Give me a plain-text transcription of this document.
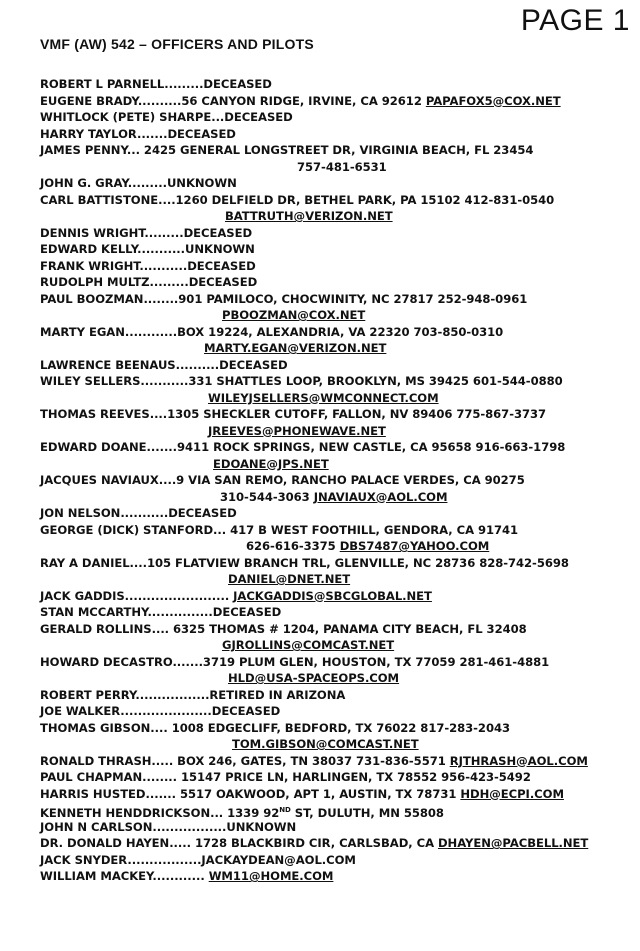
PAGE 1
VMF (AW) 542 – OFFICERS AND PILOTS
ROBERT L PARNELL.........DECEASED
EUGENE BRADY..........56 CANYON RIDGE, IRVINE, CA 92612 PAPAFOX5@COX.NET
WHITLOCK (PETE) SHARPE...DECEASED
HARRY TAYLOR.......DECEASED
JAMES PENNY... 2425 GENERAL LONGSTREET DR, VIRGINIA BEACH, FL 23454
757-481-6531
JOHN G. GRAY.........UNKNOWN
CARL BATTISTONE....1260 DELFIELD DR, BETHEL PARK, PA 15102 412-831-0540
BATTRUTH@VERIZON.NET
DENNIS WRIGHT.........DECEASED
EDWARD KELLY...........UNKNOWN
FRANK WRIGHT...........DECEASED
RUDOLPH MULTZ.........DECEASED
PAUL BOOZMAN........901 PAMILOCO, CHOCWINITY, NC 27817 252-948-0961
PBOOZMAN@COX.NET
MARTY EGAN............BOX 19224, ALEXANDRIA, VA 22320 703-850-0310
MARTY.EGAN@VERIZON.NET
LAWRENCE BEENAUS..........DECEASED
WILEY SELLERS...........331 SHATTLES LOOP, BROOKLYN, MS 39425 601-544-0880
WILEYJSELLERS@WMCONNECT.COM
THOMAS REEVES....1305 SHECKLER CUTOFF, FALLON, NV 89406 775-867-3737
JREEVES@PHONEWAVE.NET
EDWARD DOANE.......9411 ROCK SPRINGS, NEW CASTLE, CA 95658 916-663-1798
EDOANE@JPS.NET
JACQUES NAVIAUX....9 VIA SAN REMO, RANCHO PALACE VERDES, CA 90275
310-544-3063 JNAVIAUX@AOL.COM
JON NELSON...........DECEASED
GEORGE (DICK) STANFORD... 417 B WEST FOOTHILL, GENDORA, CA 91741
626-616-3375 DBS7487@YAHOO.COM
RAY A DANIEL....105 FLATVIEW BRANCH TRL, GLENVILLE, NC 28736 828-742-5698
DANIEL@DNET.NET
JACK GADDIS........................ JACKGADDIS@SBCGLOBAL.NET
STAN MCCARTHY...............DECEASED
GERALD ROLLINS.... 6325 THOMAS # 1204, PANAMA CITY BEACH, FL 32408
GJROLLINS@COMCAST.NET
HOWARD DECASTRO.......3719 PLUM GLEN, HOUSTON, TX 77059 281-461-4881
HLD@USA-SPACEOPS.COM
ROBERT PERRY.................RETIRED IN ARIZONA
JOE WALKER.....................DECEASED
THOMAS GIBSON.... 1008 EDGECLIFF, BEDFORD, TX 76022 817-283-2043
TOM.GIBSON@COMCAST.NET
RONALD THRASH..... BOX 246, GATES, TN 38037 731-836-5571 RJTHRASH@AOL.COM
PAUL CHAPMAN........ 15147 PRICE LN, HARLINGEN, TX 78552 956-423-5492
HARRIS HUSTED....... 5517 OAKWOOD, APT 1, AUSTIN, TX 78731 HDH@ECPI.COM
KENNETH HENDDRICKSON... 1339 92ND ST, DULUTH, MN 55808
JOHN N CARLSON.................UNKNOWN
DR. DONALD HAYEN..... 1728 BLACKBIRD CIR, CARLSBAD, CA DHAYEN@PACBELL.NET
JACK SNYDER.................JACKAYDEAN@AOL.COM
WILLIAM MACKEY............ WM11@HOME.COM
